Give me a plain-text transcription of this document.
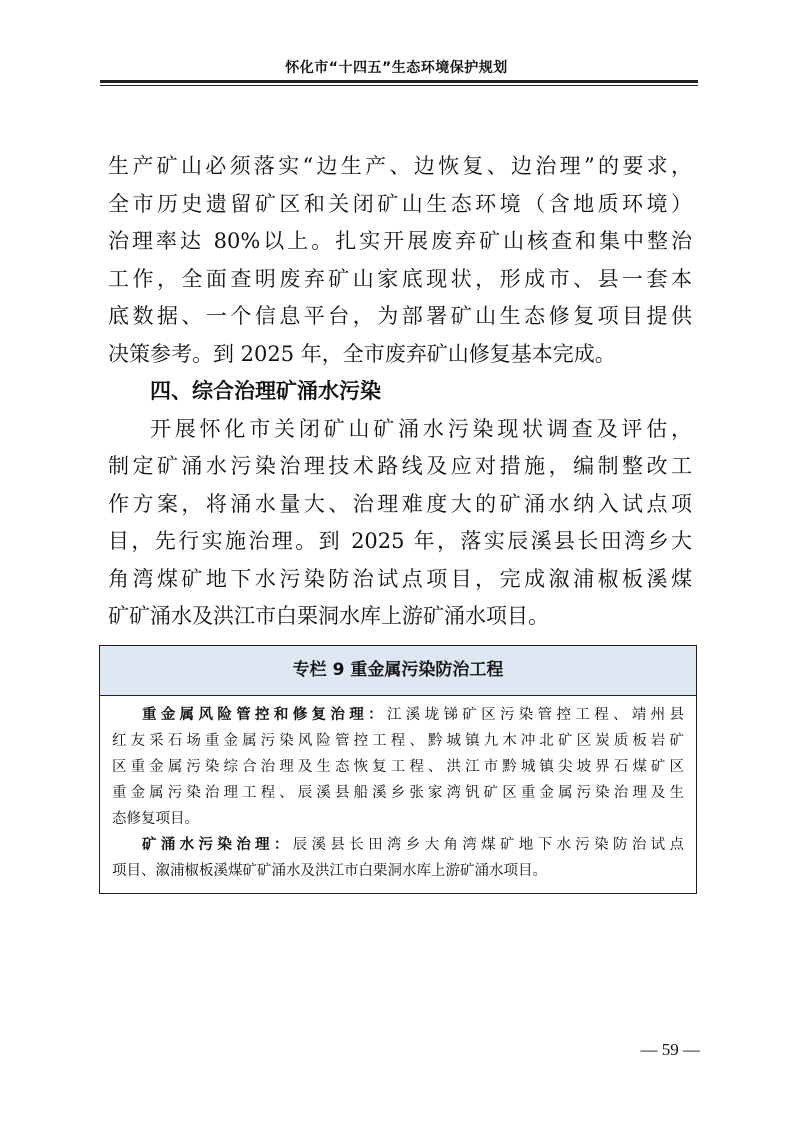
怀化市“十四五”生态环境保护规划
生产矿山必须落实“边生产、边恢复、边治理”的要求，
全市历史遗留矿区和关闭矿山生态环境（含地质环境）
治理率达 80%以上。扎实开展废弃矿山核查和集中整治
工作，全面查明废弃矿山家底现状，形成市、县一套本
底数据、一个信息平台，为部署矿山生态修复项目提供
决策参考。到 2025 年，全市废弃矿山修复基本完成。
四、综合治理矿涌水污染
开展怀化市关闭矿山矿涌水污染现状调查及评估，
制定矿涌水污染治理技术路线及应对措施，编制整改工
作方案，将涌水量大、治理难度大的矿涌水纳入试点项
目，先行实施治理。到 2025 年，落实辰溪县长田湾乡大
角湾煤矿地下水污染防治试点项目，完成溆浦椒板溪煤
矿矿涌水及洪江市白栗洞水库上游矿涌水项目。
专栏 9 重金属污染防治工程
重金属风险管控和修复治理：江溪垅锑矿区污染管控工程、靖州县
红友采石场重金属污染风险管控工程、黔城镇九木冲北矿区炭质板岩矿
区重金属污染综合治理及生态恢复工程、洪江市黔城镇尖坡界石煤矿区
重金属污染治理工程、辰溪县船溪乡张家湾钒矿区重金属污染治理及生
态修复项目。
矿涌水污染治理：辰溪县长田湾乡大角湾煤矿地下水污染防治试点
项目、溆浦椒板溪煤矿矿涌水及洪江市白栗洞水库上游矿涌水项目。
— 59 —
